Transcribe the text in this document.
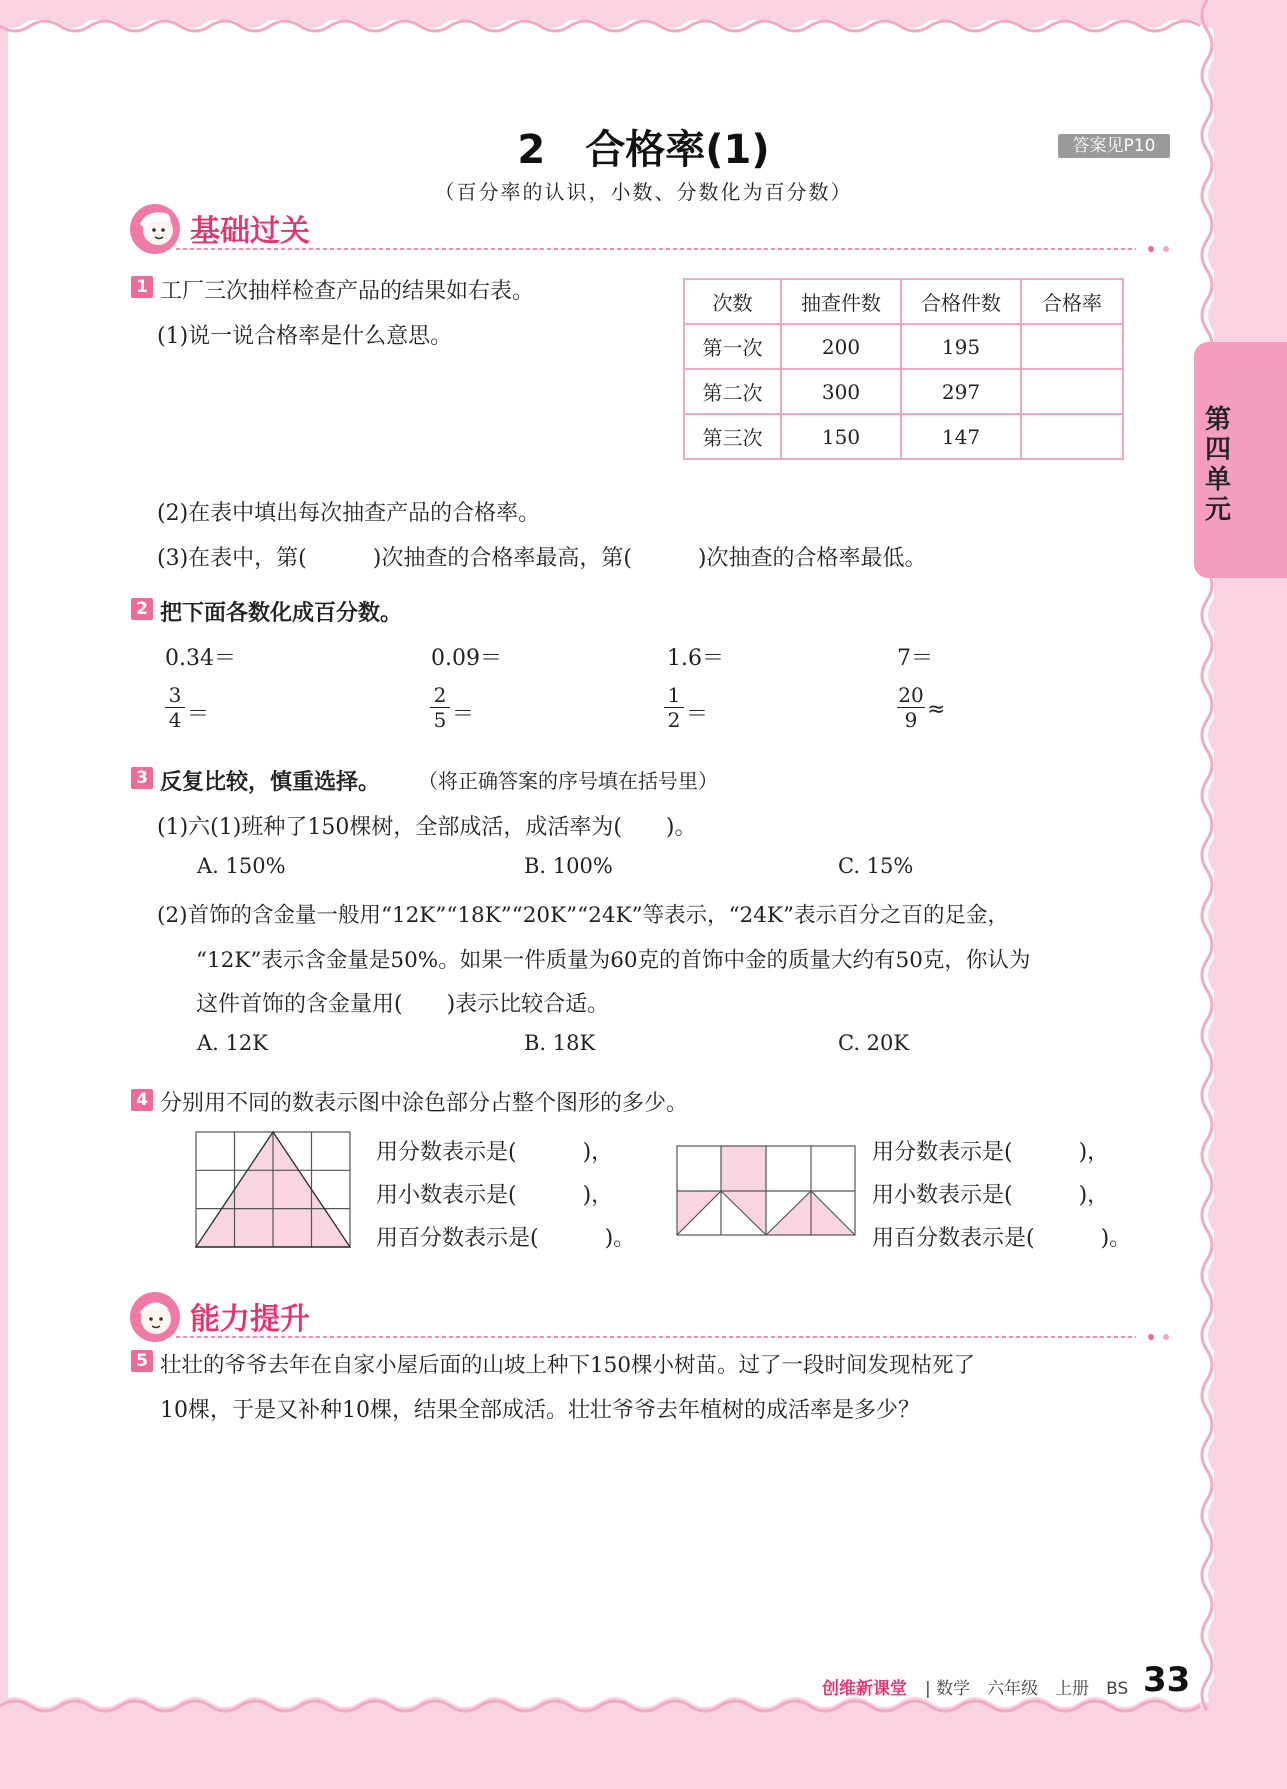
第四单元
2　合格率(1)
（百分率的认识，小数、分数化为百分数）
答案见P10
基础过关
1 工厂三次抽样检查产品的结果如右表。
(1)说一说合格率是什么意思。
次数	抽查件数	合格件数	合格率
第一次	200	195	
第二次	300	297	
第三次	150	147	
(2)在表中填出每次抽查产品的合格率。
(3)在表中，第(　　　)次抽查的合格率最高，第(　　　)次抽查的合格率最低。
2 把下面各数化成百分数。
0.34＝	0.09＝	1.6＝	7＝
3
4 ＝
2
5 ＝
1
2 ＝
20
9 ≈
3 反复比较，慎重选择。 （将正确答案的序号填在括号里）
(1)六(1)班种了150棵树，全部成活，成活率为(　　)。
A. 150%	B. 100%	C. 15%
(2)首饰的含金量一般用“12K”“18K”“20K”“24K”等表示，“24K”表示百分之百的足金，
“12K”表示含金量是50%。如果一件质量为60克的首饰中金的质量大约有50克，你认为
这件首饰的含金量用(　　)表示比较合适。
A. 12K	B. 18K	C. 20K
4 分别用不同的数表示图中涂色部分占整个图形的多少。
用分数表示是(　　　)，
用小数表示是(　　　)，
用百分数表示是(　　　)。
用分数表示是(　　　)，
用小数表示是(　　　)，
用百分数表示是(　　　)。
能力提升
5 壮壮的爷爷去年在自家小屋后面的山坡上种下150棵小树苗。过了一段时间发现枯死了
10棵，于是又补种10棵，结果全部成活。壮壮爷爷去年植树的成活率是多少？
创维新课堂 | 数学　六年级　上册　BS 33
